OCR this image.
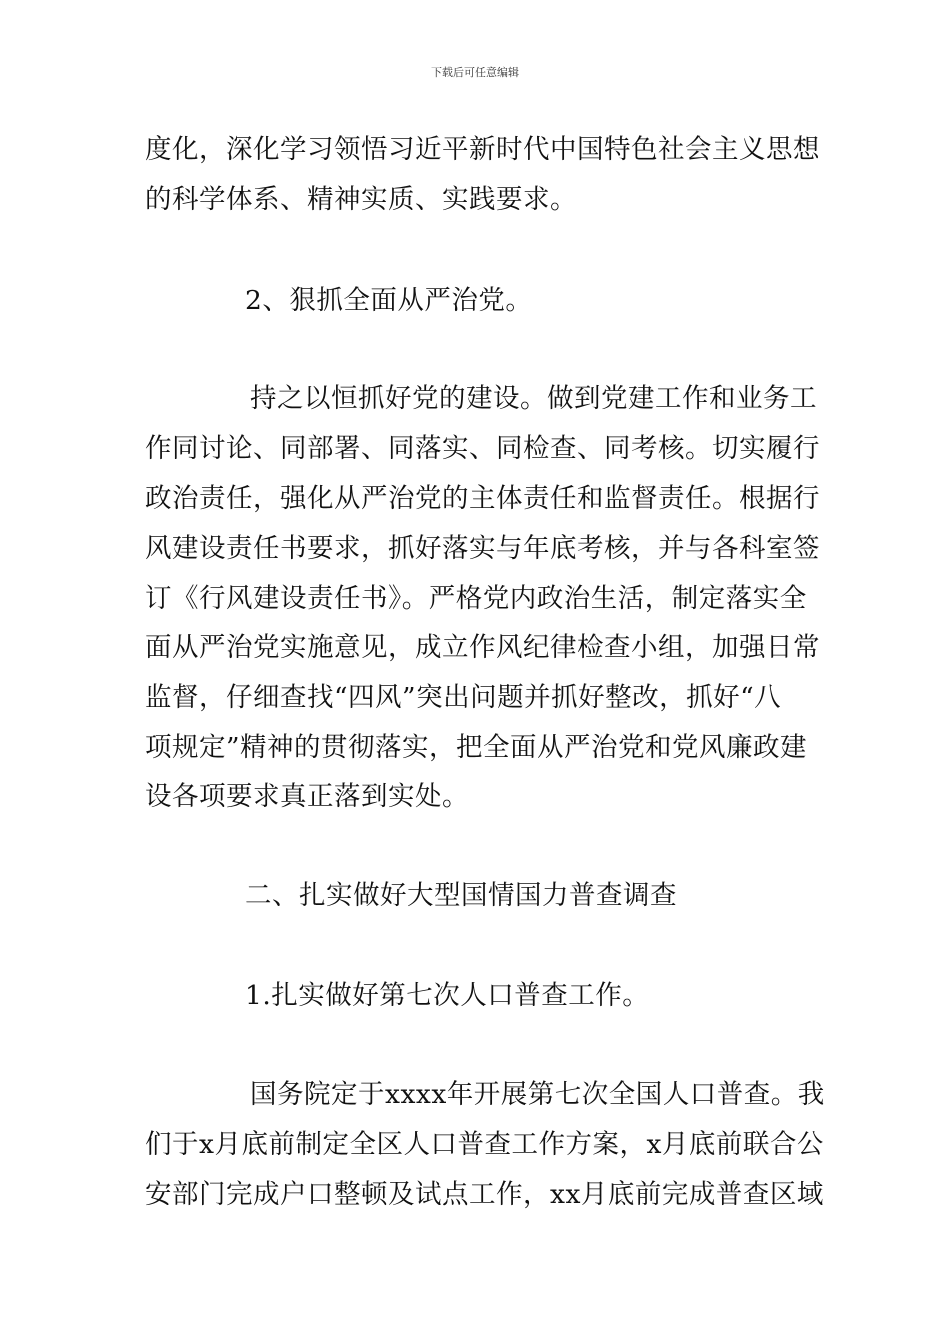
下载后可任意编辑
度化，深化学习领悟习近平新时代中国特色社会主义思想
的科学体系、精神实质、实践要求。
2、狠抓全面从严治党。
持之以恒抓好党的建设。做到党建工作和业务工
作同讨论、同部署、同落实、同检查、同考核。切实履行
政治责任，强化从严治党的主体责任和监督责任。根据行
风建设责任书要求，抓好落实与年底考核，并与各科室签
订《行风建设责任书》。严格党内政治生活，制定落实全
面从严治党实施意见，成立作风纪律检查小组，加强日常
监督，仔细查找“四风”突出问题并抓好整改，抓好“八
项规定”精神的贯彻落实，把全面从严治党和党风廉政建
设各项要求真正落到实处。
二、扎实做好大型国情国力普查调查
1.扎实做好第七次人口普查工作。
国务院定于xxxx年开展第七次全国人口普查。我
们于x月底前制定全区人口普查工作方案，x月底前联合公
安部门完成户口整顿及试点工作，xx月底前完成普查区域
